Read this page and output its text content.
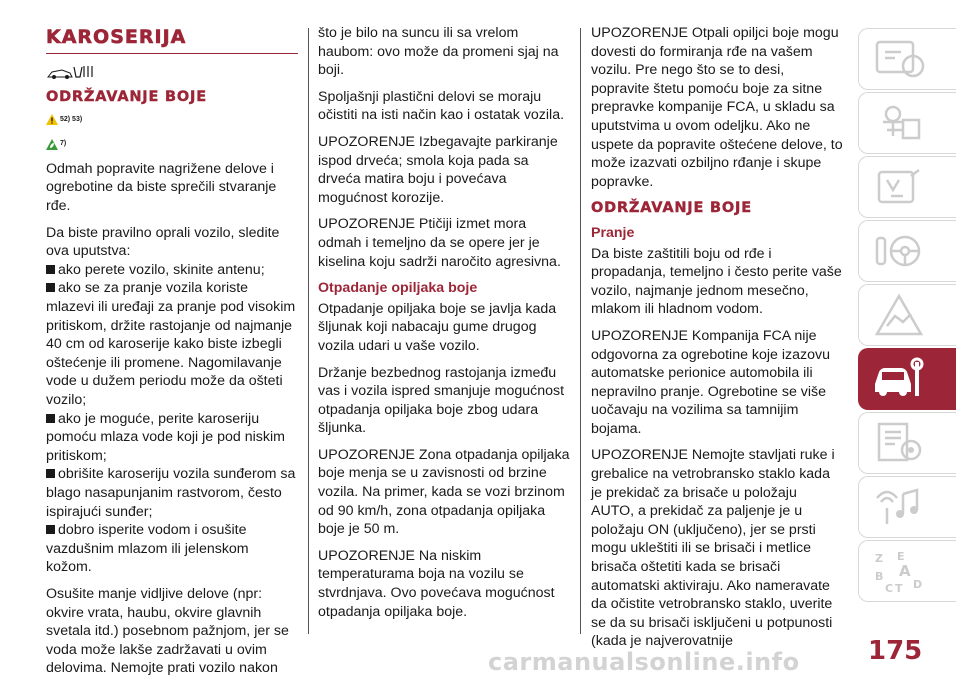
KAROSERIJA
ODRŽAVANJE BOJE
52) 53)
7)

Odmah popravite nagrižene delove i ogrebotine da biste sprečili stvaranje rđe.

Da biste pravilno oprali vozilo, sledite ova uputstva:

ako perete vozilo, skinite antenu;
ako se za pranje vozila koriste mlazevi ili uređaji za pranje pod visokim pritiskom, držite rastojanje od najmanje 40 cm od karoserije kako biste izbegli oštećenje ili promene. Nagomilavanje vode u dužem periodu može da ošteti vozilo;
ako je moguće, perite karoseriju pomoću mlaza vode koji je pod niskim pritiskom;
obrišite karoseriju vozila sunđerom sa blago nasapunjanim rastvorom, često ispirajući sunđer;
dobro isperite vodom i osušite vazdušnim mlazom ili jelenskom kožom.

Osušite manje vidljive delove (npr: okvire vrata, haubu, okvire glavnih svetala itd.) posebnom pažnjom, jer se voda može lakše zadržavati u ovim delovima. Nemojte prati vozilo nakon

što je bilo na suncu ili sa vrelom haubom: ovo može da promeni sjaj na boji.

Spoljašnji plastični delovi se moraju očistiti na isti način kao i ostatak vozila.

UPOZORENJE Izbegavajte parkiranje ispod drveća; smola koja pada sa drveća matira boju i povećava mogućnost korozije.

UPOZORENJE Ptičiji izmet mora odmah i temeljno da se opere jer je kiselina koju sadrži naročito agresivna.

Otpadanje opiljaka boje

Otpadanje opiljaka boje se javlja kada šljunak koji nabacaju gume drugog vozila udari u vaše vozilo.

Držanje bezbednog rastojanja između vas i vozila ispred smanjuje mogućnost otpadanja opiljaka boje zbog udara šljunka.

UPOZORENJE Zona otpadanja opiljaka boje menja se u zavisnosti od brzine vozila. Na primer, kada se vozi brzinom od 90 km/h, zona otpadanja opiljaka boje je 50 m.

UPOZORENJE Na niskim temperaturama boja na vozilu se stvrdnjava. Ovo povećava mogućnost otpadanja opiljaka boje.

UPOZORENJE Otpali opiljci boje mogu dovesti do formiranja rđe na vašem vozilu. Pre nego što se to desi, popravite štetu pomoću boje za sitne prepravke kompanije FCA, u skladu sa uputstvima u ovom odeljku. Ako ne uspete da popravite oštećene delove, to može izazvati ozbiljno rđanje i skupe popravke.

ODRŽAVANJE BOJE
Pranje

Da biste zaštitili boju od rđe i propadanja, temeljno i često perite vaše vozilo, najmanje jednom mesečno, mlakom ili hladnom vodom.

UPOZORENJE Kompanija FCA nije odgovorna za ogrebotine koje izazovu automatske perionice automobila ili nepravilno pranje. Ogrebotine se više uočavaju na vozilima sa tamnijim bojama.

UPOZORENJE Nemojte stavljati ruke i grebalice na vetrobransko staklo kada je prekidač za brisače u položaju AUTO, a prekidač za paljenje je u položaju ON (uključeno), jer se prsti mogu ukleštiti ili se brisači i metlice brisača oštetiti kada se brisači automatski aktiviraju. Ako nameravate da očistite vetrobransko staklo, uverite se da su brisači isključeni u potpunosti (kada je najverovatnije

Z E
A
B
C T D
175
carmanualsonline.info
